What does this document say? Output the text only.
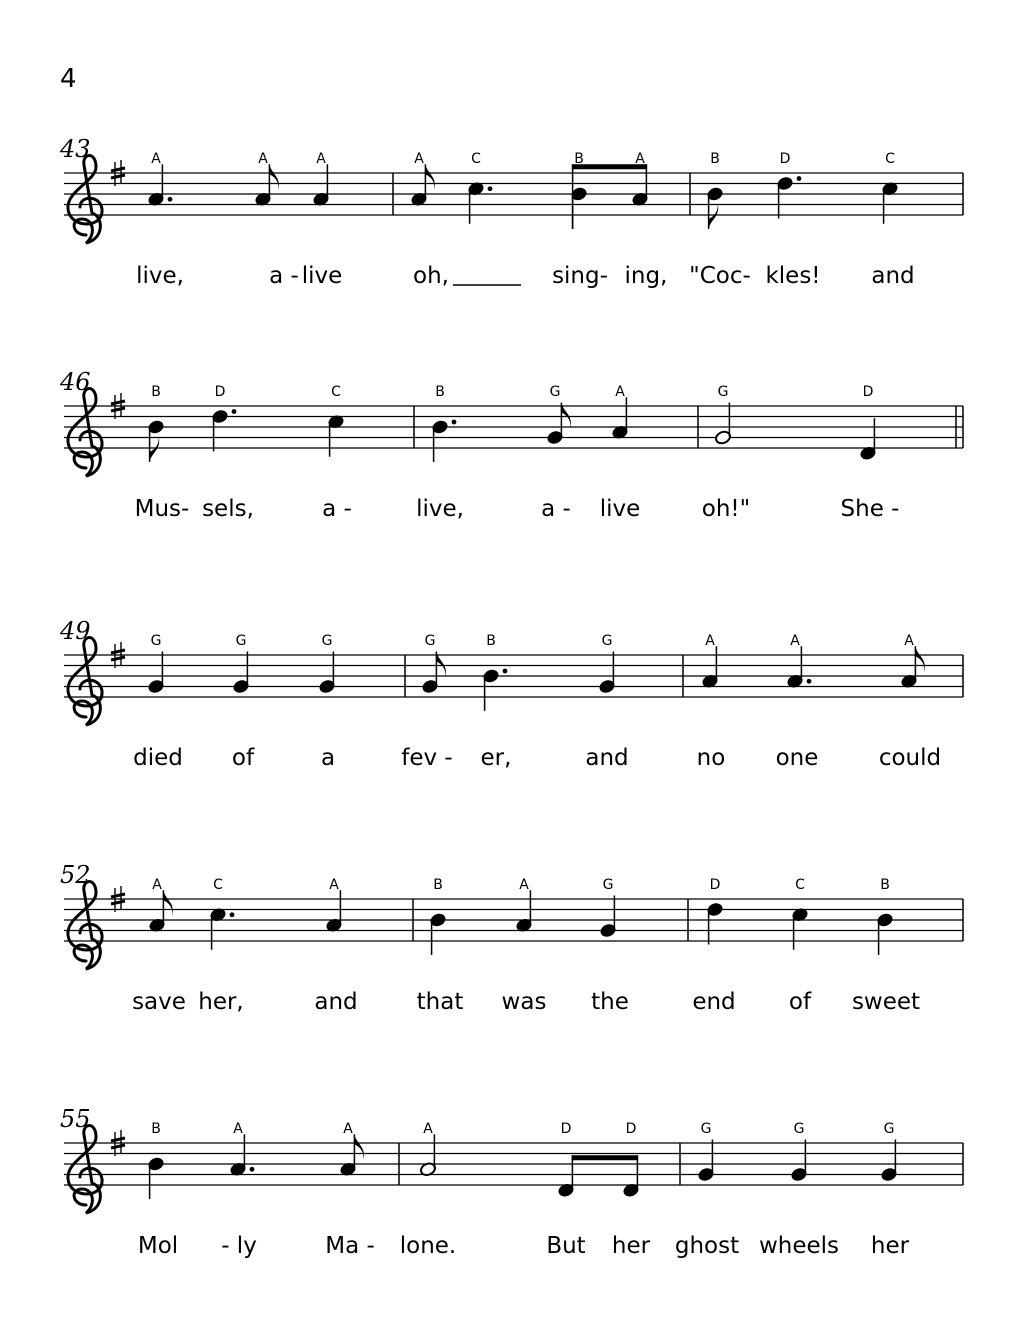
4
43	A
live,
A
a -
A
live
A
oh,
C	B
sing-
A
ing,
B
"Coc-
D
kles!
C
and
46	B
Mus-
D
sels,
C
a -
B
live,
G
a -
A
live
G
oh!"
D
She -
49	G
died
G
of
G
a
G
fev -
B
er,
G
and
A
no
A
one
A
could
52	A
save
C
her,
A
and
B
that
A
was
G
the
D
end
C
of
B
sweet
55	B
Mol
A
- ly
A
Ma -
A
lone.
D
But
D
her
G
ghost
G
wheels
G
her
